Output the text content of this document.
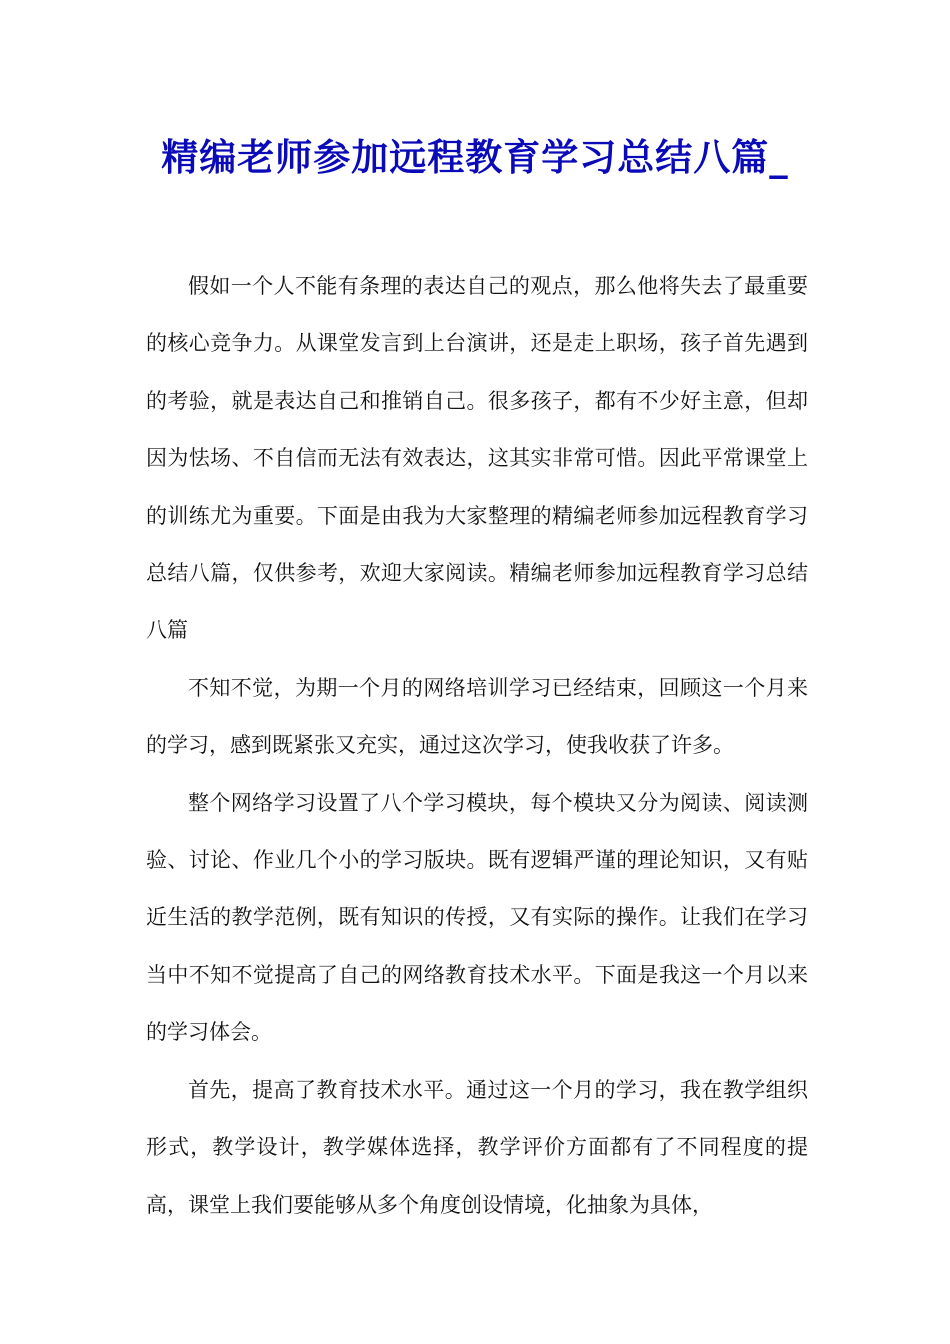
精编老师参加远程教育学习总结八篇_

假如一个人不能有条理的表达自己的观点，那么他将失去了最重要的核心竞争力。从课堂发言到上台演讲，还是走上职场，孩子首先遇到的考验，就是表达自己和推销自己。很多孩子，都有不少好主意，但却因为怯场、不自信而无法有效表达，这其实非常可惜。因此平常课堂上的训练尤为重要。下面是由我为大家整理的精编老师参加远程教育学习总结八篇，仅供参考，欢迎大家阅读。精编老师参加远程教育学习总结八篇

不知不觉，为期一个月的网络培训学习已经结束，回顾这一个月来的学习，感到既紧张又充实，通过这次学习，使我收获了许多。

整个网络学习设置了八个学习模块，每个模块又分为阅读、阅读测验、讨论、作业几个小的学习版块。既有逻辑严谨的理论知识，又有贴近生活的教学范例，既有知识的传授，又有实际的操作。让我们在学习当中不知不觉提高了自己的网络教育技术水平。下面是我这一个月以来的学习体会。

首先，提高了教育技术水平。通过这一个月的学习，我在教学组织形式，教学设计，教学媒体选择，教学评价方面都有了不同程度的提高，课堂上我们要能够从多个角度创设情境，化抽象为具体，
